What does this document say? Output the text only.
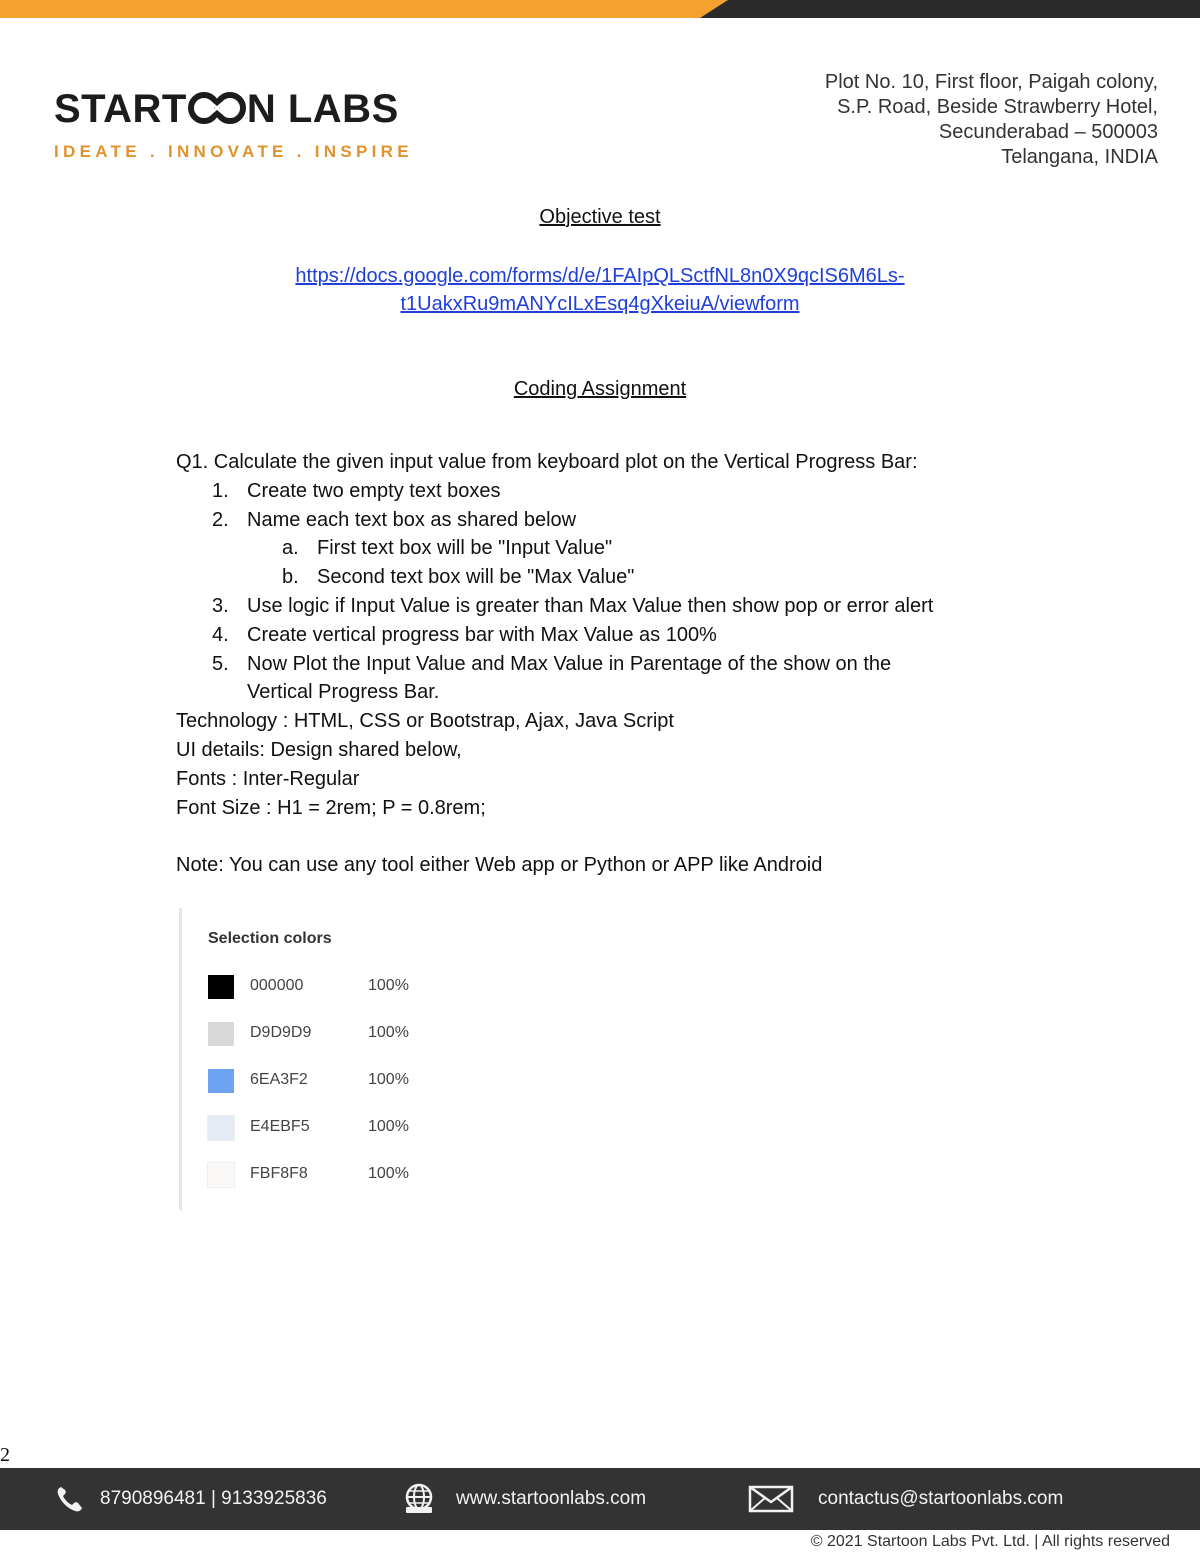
START N LABS
IDEATE . INNOVATE . INSPIRE
Plot No. 10, First floor, Paigah colony,
S.P. Road, Beside Strawberry Hotel,
Secunderabad – 500003
Telangana, INDIA
Objective test
https://docs.google.com/forms/d/e/1FAIpQLSctfNL8n0X9qcIS6M6Ls-
t1UakxRu9mANYcILxEsq4gXkeiuA/viewform
Coding Assignment
Q1. Calculate the given input value from keyboard plot on the Vertical Progress Bar:
1. Create two empty text boxes
2. Name each text box as shared below
a. First text box will be "Input Value"
b. Second text box will be "Max Value"
3. Use logic if Input Value is greater than Max Value then show pop or error alert
4. Create vertical progress bar with Max Value as 100%
5. Now Plot the Input Value and Max Value in Parentage of the show on the
Vertical Progress Bar.
Technology : HTML, CSS or Bootstrap, Ajax, Java Script
UI details: Design shared below,
Fonts : Inter-Regular
Font Size : H1 = 2rem; P = 0.8rem;
Note: You can use any tool either Web app or Python or APP like Android
Selection colors
000000	100%
D9D9D9	100%
6EA3F2	100%
E4EBF5	100%
FBF8F8	100%
2
8790896481 | 9133925836	www.startoonlabs.com	contactus@startoonlabs.com
© 2021 Startoon Labs Pvt. Ltd. | All rights reserved
